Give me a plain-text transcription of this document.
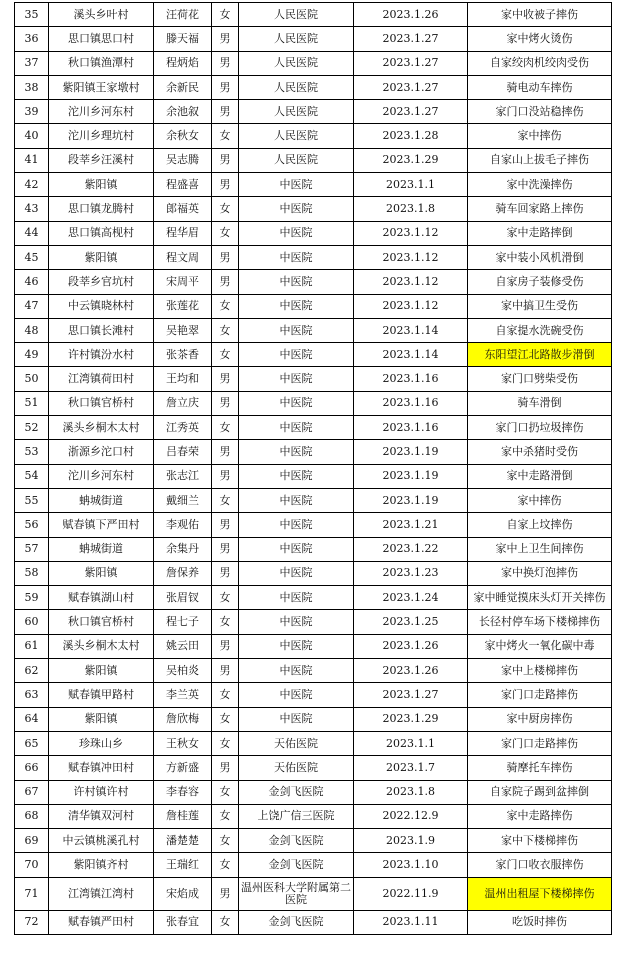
35	溪头乡叶村	汪荷花	女	人民医院	2023.1.26	家中收被子摔伤
36	思口镇思口村	滕天福	男	人民医院	2023.1.27	家中烤火烫伤
37	秋口镇渔潭村	程炳焰	男	人民医院	2023.1.27	自家绞肉机绞肉受伤
38	紫阳镇王家墩村	余新民	男	人民医院	2023.1.27	骑电动车摔伤
39	沱川乡河东村	余池叙	男	人民医院	2023.1.27	家门口没站稳摔伤
40	沱川乡理坑村	余秋女	女	人民医院	2023.1.28	家中摔伤
41	段莘乡汪溪村	吴志腾	男	人民医院	2023.1.29	自家山上拔毛子摔伤
42	紫阳镇	程盛喜	男	中医院	2023.1.1	家中洗澡摔伤
43	思口镇龙腾村	郎福英	女	中医院	2023.1.8	骑车回家路上摔伤
44	思口镇高枧村	程华眉	女	中医院	2023.1.12	家中走路摔倒
45	紫阳镇	程文周	男	中医院	2023.1.12	家中装小风机滑倒
46	段莘乡官坑村	宋周平	男	中医院	2023.1.12	自家房子装修受伤
47	中云镇晓林村	张莲花	女	中医院	2023.1.12	家中搞卫生受伤
48	思口镇长滩村	吴艳翠	女	中医院	2023.1.14	自家提水洗碗受伤
49	许村镇汾水村	张茶香	女	中医院	2023.1.14	东阳望江北路散步滑倒
50	江湾镇荷田村	王均和	男	中医院	2023.1.16	家门口劈柴受伤
51	秋口镇官桥村	詹立庆	男	中医院	2023.1.16	骑车滑倒
52	溪头乡桐木太村	江秀英	女	中医院	2023.1.16	家门口扔垃圾摔伤
53	浙源乡沱口村	吕春荣	男	中医院	2023.1.19	家中杀猪时受伤
54	沱川乡河东村	张志江	男	中医院	2023.1.19	家中走路滑倒
55	蚺城街道	戴细兰	女	中医院	2023.1.19	家中摔伤
56	赋春镇下严田村	李观佑	男	中医院	2023.1.21	自家上坟摔伤
57	蚺城街道	余集丹	男	中医院	2023.1.22	家中上卫生间摔伤
58	紫阳镇	詹保养	男	中医院	2023.1.23	家中换灯泡摔伤
59	赋春镇湖山村	张眉钗	女	中医院	2023.1.24	家中睡觉摸床头灯开关摔伤
60	秋口镇官桥村	程七子	女	中医院	2023.1.25	长径村停车场下楼梯摔伤
61	溪头乡桐木太村	姚云田	男	中医院	2023.1.26	家中烤火一氧化碳中毒
62	紫阳镇	吴柏炎	男	中医院	2023.1.26	家中上楼梯摔伤
63	赋春镇甲路村	李兰英	女	中医院	2023.1.27	家门口走路摔伤
64	紫阳镇	詹欣梅	女	中医院	2023.1.29	家中厨房摔伤
65	珍珠山乡	王秋女	女	天佑医院	2023.1.1	家门口走路摔伤
66	赋春镇冲田村	方新盛	男	天佑医院	2023.1.7	骑摩托车摔伤
67	许村镇许村	李春容	女	金剑飞医院	2023.1.8	自家院子踢到盆摔倒
68	清华镇双河村	詹桂莲	女	上饶广信三医院	2022.12.9	家中走路摔伤
69	中云镇桃溪孔村	潘楚楚	女	金剑飞医院	2023.1.9	家中下楼梯摔伤
70	紫阳镇齐村	王瑞红	女	金剑飞医院	2023.1.10	家门口收衣服摔伤
71	江湾镇江湾村	宋焰成	男	温州医科大学附属第二医院	2022.11.9	温州出租屋下楼梯摔伤
72	赋春镇严田村	张春宜	女	金剑飞医院	2023.1.11	吃饭时摔伤
